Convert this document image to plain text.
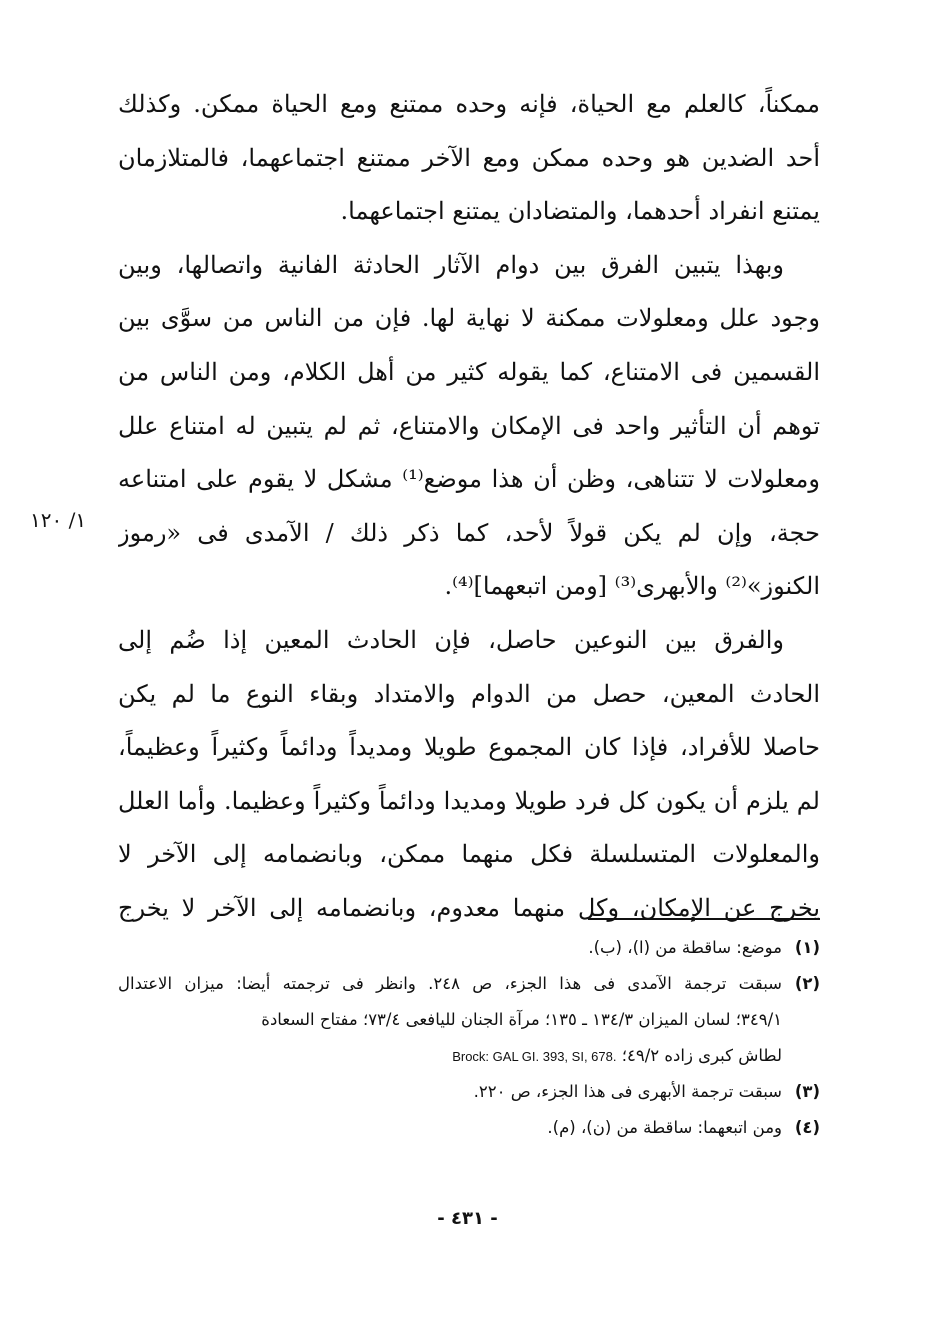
ممكناً، كالعلم مع الحياة، فإنه وحده ممتنع ومع الحياة ممكن. وكذلك
أحد الضدين هو وحده ممكن ومع الآخر ممتنع اجتماعهما، فالمتلازمان
يمتنع انفراد أحدهما، والمتضادان يمتنع اجتماعهما.
وبهذا يتبين الفرق بين دوام الآثار الحادثة الفانية واتصالها، وبين
وجود علل ومعلولات ممكنة لا نهاية لها. فإن من الناس من سوَّى بين
القسمين فى الامتناع، كما يقوله كثير من أهل الكلام، ومن الناس من
توهم أن التأثير واحد فى الإمكان والامتناع، ثم لم يتبين له امتناع علل
ومعلولات لا تتناهى، وظن أن هذا موضع⁽¹⁾ مشكل لا يقوم على امتناعه
حجة، وإن لم يكن قولاً لأحد، كما ذكر ذلك / الآمدى فى «رموز
الكنوز»⁽²⁾ والأبهرى⁽³⁾ [ومن اتبعهما]⁽⁴⁾.
والفرق بين النوعين حاصل، فإن الحادث المعين إذا ضُم إلى
الحادث المعين، حصل من الدوام والامتداد وبقاء النوع ما لم يكن
حاصلا للأفراد، فإذا كان المجموع طويلا ومديداً ودائماً وكثيراً وعظيماً،
لم يلزم أن يكون كل فرد طويلا ومديدا ودائماً وكثيراً وعظيما. وأما العلل
والمعلولات المتسلسلة فكل منهما ممكن، وبانضمامه إلى الآخر لا
يخرج عن الإمكان، وكل منهما معدوم، وبانضمامه إلى الآخر لا يخرج
١/ ١٢٠
(١)موضع: ساقطة من (ا)، (ب).
(٢)سبقت ترجمة الآمدى فى هذا الجزء، ص ٢٤٨. وانظر فى ترجمته أيضا: ميزان الاعتدال
٣٤٩/١؛ لسان الميزان ١٣٤/٣ ـ ١٣٥؛ مرآة الجنان لليافعى ٧٣/٤؛ مفتاح السعادة
لطاش كبرى زاده ٤٩/٢؛ Brock: GAL GI. 393, SI, 678.
(٣)سبقت ترجمة الأبهرى فى هذا الجزء، ص ٢٢٠.
(٤)ومن اتبعهما: ساقطة من (ن)، (م).
- ٤٣١ -
